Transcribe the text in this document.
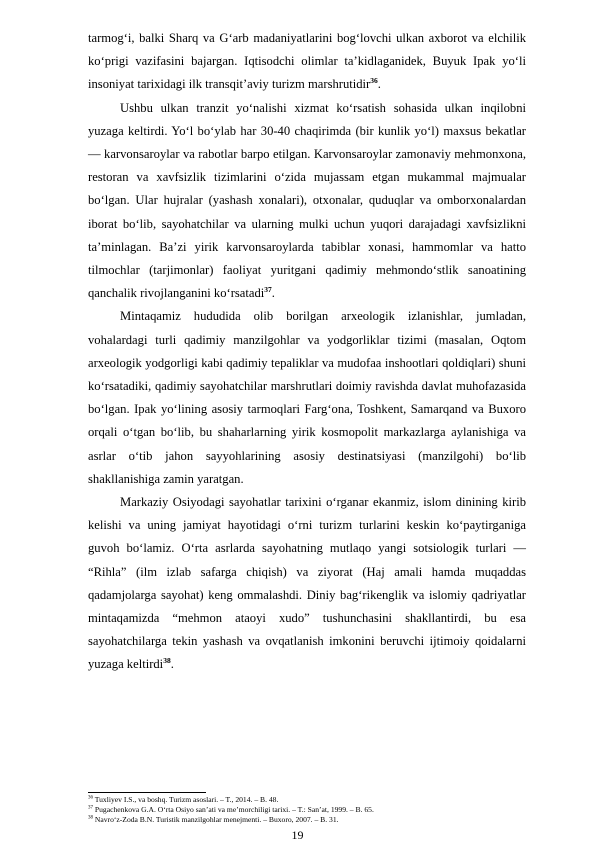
tarmog‘i, balki Sharq va G‘arb madaniyatlarini bog‘lovchi ulkan axborot va elchilik ko‘prigi vazifasini bajargan. Iqtisodchi olimlar ta’kidlaganidek, Buyuk Ipak yo‘li insoniyat tarixidagi ilk transqit’aviy turizm marshrutidir$^{36}$.

Ushbu ulkan tranzit yo‘nalishi xizmat ko‘rsatish sohasida ulkan inqilobni yuzaga keltirdi. Yo‘l bo‘ylab har 30-40 chaqirimda (bir kunlik yo‘l) maxsus bekatlar — karvonsaroylar va rabotlar barpo etilgan. Karvonsaroylar zamonaviy mehmonxona, restoran va xavfsizlik tizimlarini o‘zida mujassam etgan mukammal majmualar bo‘lgan. Ular hujralar (yashash xonalari), otxonalar, quduqlar va omborxonalardan iborat bo‘lib, sayohatchilar va ularning mulki uchun yuqori darajadagi xavfsizlikni ta’minlagan. Ba’zi yirik karvonsaroylarda tabiblar xonasi, hammomlar va hatto tilmochlar (tarjimonlar) faoliyat yuritgani qadimiy mehmondo‘stlik sanoatining qanchalik rivojlanganini ko‘rsatadi$^{37}$.

Mintaqamiz hududida olib borilgan arxeologik izlanishlar, jumladan, vohalardagi turli qadimiy manzilgohlar va yodgorliklar tizimi (masalan, Oqtom arxeologik yodgorligi kabi qadimiy tepaliklar va mudofaa inshootlari qoldiqlari) shuni ko‘rsatadiki, qadimiy sayohatchilar marshrutlari doimiy ravishda davlat muhofazasida bo‘lgan. Ipak yo‘lining asosiy tarmoqlari Farg‘ona, Toshkent, Samarqand va Buxoro orqali o‘tgan bo‘lib, bu shaharlarning yirik kosmopolit markazlarga aylanishiga va asrlar o‘tib jahon sayyohlarining asosiy destinatsiyasi (manzilgohi) bo‘lib shakllanishiga zamin yaratgan.

Markaziy Osiyodagi sayohatlar tarixini o‘rganar ekanmiz, islom dinining kirib kelishi va uning jamiyat hayotidagi o‘rni turizm turlarini keskin ko‘paytirganiga guvoh bo‘lamiz. O‘rta asrlarda sayohatning mutlaqo yangi sotsiologik turlari — “Rihla” (ilm izlab safarga chiqish) va ziyorat (Haj amali hamda muqaddas qadamjolarga sayohat) keng ommalashdi. Diniy bag‘rikenglik va islomiy qadriyatlar mintaqamizda “mehmon ataoyi xudo” tushunchasini shakllantirdi, bu esa sayohatchilarga tekin yashash va ovqatlanish imkonini beruvchi ijtimoiy qoidalarni yuzaga keltirdi$^{38}$.

$^{36}$ Tuxliyev I.S., va boshq. Turizm asoslari. – T., 2014. – B. 48.
$^{37}$ Pugachenkova G.A. O‘rta Osiyo san’ati va me’morchiligi tarixi. – T.: San’at, 1999. – B. 65.
$^{38}$ Navro‘z-Zoda B.N. Turistik manzilgohlar menejmenti. – Buxoro, 2007. – B. 31.
19
